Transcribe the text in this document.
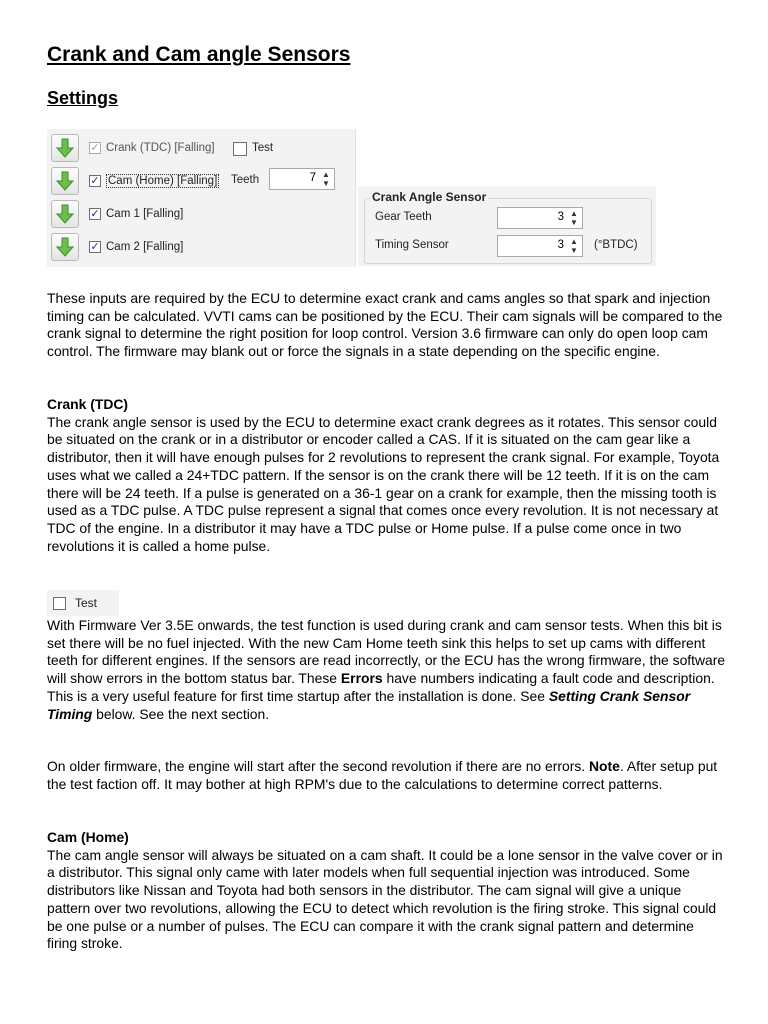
Crank and Cam angle Sensors
Settings
✓ Crank (TDC) [Falling]
✓ Cam (Home) [Falling]
✓ Cam 1 [Falling]
✓ Cam 2 [Falling]
Test
Teeth	7 ▲
▼
Crank Angle Sensor
Gear Teeth	3 ▲
▼
Timing Sensor	3 ▲
▼ (°BTDC)

These inputs are required by the ECU to determine exact crank and cams angles so that spark and injection timing can be calculated. VVTI cams can be positioned by the ECU. Their cam signals will be compared to the crank signal to determine the right position for loop control. Version 3.6 firmware can only do open loop cam control. The firmware may blank out or force the signals in a state depending on the specific engine.

Crank (TDC)

The crank angle sensor is used by the ECU to determine exact crank degrees as it rotates. This sensor could be situated on the crank or in a distributor or encoder called a CAS. If it is situated on the cam gear like a distributor, then it will have enough pulses for 2 revolutions to represent the crank signal. For example, Toyota uses what we called a 24+TDC pattern. If the sensor is on the crank there will be 12 teeth. If it is on the cam there will be 24 teeth. If a pulse is generated on a 36-1 gear on a crank for example, then the missing tooth is used as a TDC pulse. A TDC pulse represent a signal that comes once every revolution. It is not necessary at TDC of the engine. In a distributor it may have a TDC pulse or Home pulse. If a pulse come once in two revolutions it is called a home pulse.

Test

With Firmware Ver 3.5E onwards, the test function is used during crank and cam sensor tests. When this bit is set there will be no fuel injected. With the new Cam Home teeth sink this helps to set up cams with different teeth for different engines. If the sensors are read incorrectly, or the ECU has the wrong firmware, the software will show errors in the bottom status bar. These Errors have numbers indicating a fault code and description. This is a very useful feature for first time startup after the installation is done. See Setting Crank Sensor Timing below. See the next section.

On older firmware, the engine will start after the second revolution if there are no errors. Note. After setup put the test faction off. It may bother at high RPM's due to the calculations to determine correct patterns.

Cam (Home)

The cam angle sensor will always be situated on a cam shaft. It could be a lone sensor in the valve cover or in a distributor. This signal only came with later models when full sequential injection was introduced. Some distributors like Nissan and Toyota had both sensors in the distributor. The cam signal will give a unique pattern over two revolutions, allowing the ECU to detect which revolution is the firing stroke. This signal could be one pulse or a number of pulses. The ECU can compare it with the crank signal pattern and determine firing stroke.
